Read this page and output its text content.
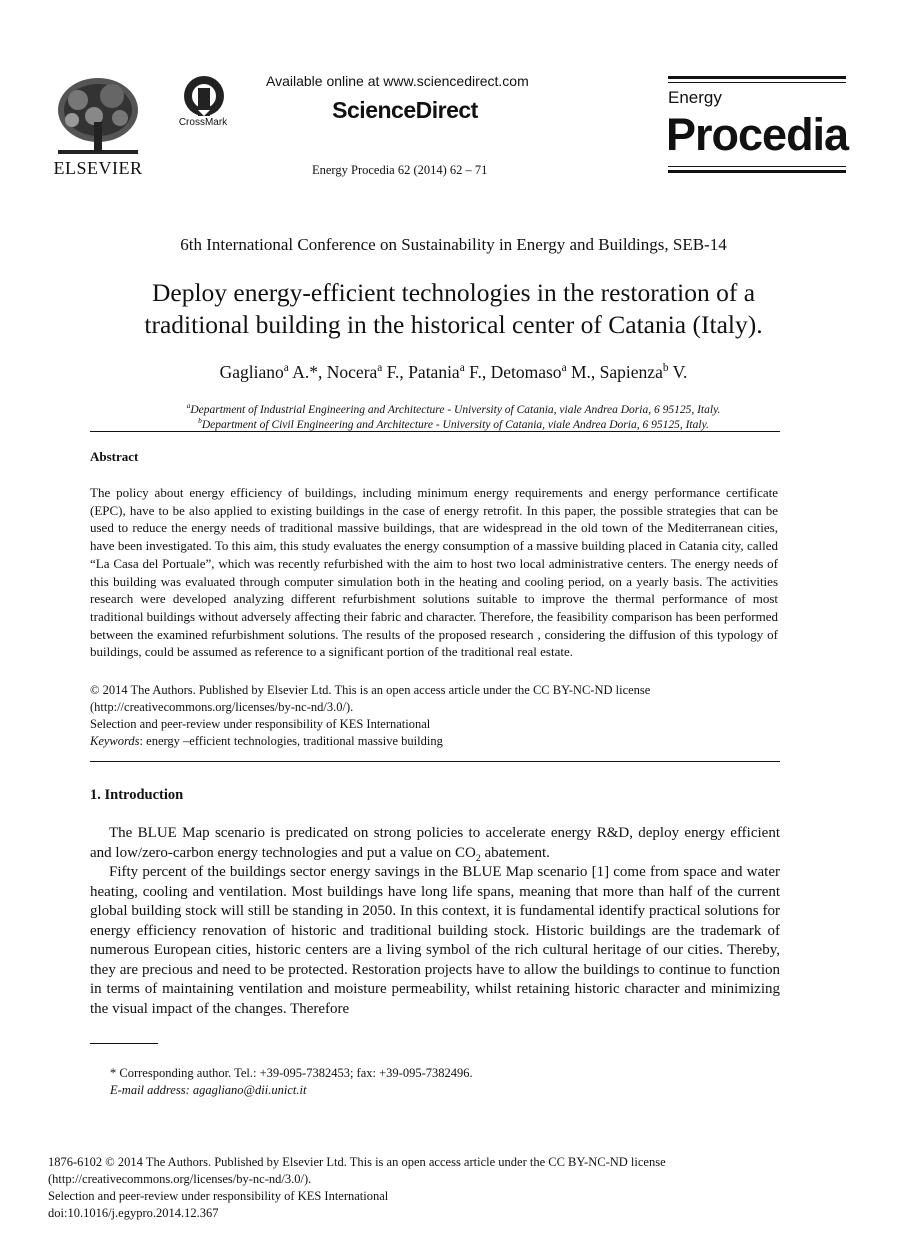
ELSEVIER
CrossMark
Available online at www.sciencedirect.com
ScienceDirect
Energy Procedia 62 (2014) 62 – 71
Energy
Procedia
6th International Conference on Sustainability in Energy and Buildings, SEB-14
Deploy energy-efficient technologies in the restoration of a
traditional building in the historical center of Catania (Italy).
Gagliano$^a$ A.*, Nocera$^a$ F., Patania$^a$ F., Detomaso$^a$ M., Sapienza$^b$ V.
$^a$Department of Industrial Engineering and Architecture - University of Catania, viale Andrea Doria, 6 95125, Italy.
$^b$Department of Civil Engineering and Architecture - University of Catania, viale Andrea Doria, 6 95125, Italy.
Abstract
The policy about energy efficiency of buildings, including minimum energy requirements and energy performance certificate (EPC), have to be also applied to existing buildings in the case of energy retrofit. In this paper, the possible strategies that can be used to reduce the energy needs of traditional massive buildings, that are widespread in the old town of the Mediterranean cities, have been investigated. To this aim, this study evaluates the energy consumption of a massive building placed in Catania city, called “La Casa del Portuale”, which was recently refurbished with the aim to host two local administrative centers. The energy needs of this building was evaluated through computer simulation both in the heating and cooling period, on a yearly basis. The activities research were developed analyzing different refurbishment solutions suitable to improve the thermal performance of most traditional buildings without adversely affecting their fabric and character. Therefore, the feasibility comparison has been performed between the examined refurbishment solutions. The results of the proposed research , considering the diffusion of this typology of buildings, could be assumed as reference to a significant portion of the traditional real estate.
© 2014 The Authors. Published by Elsevier Ltd. This is an open access article under the CC BY-NC-ND license
(http://creativecommons.org/licenses/by-nc-nd/3.0/).
Selection and peer-review under responsibility of KES International
Keywords: energy –efficient technologies, traditional massive building
1. Introduction
The BLUE Map scenario is predicated on strong policies to accelerate energy R&D, deploy energy efficient and low/zero-carbon energy technologies and put a value on $CO_2$ abatement.
Fifty percent of the buildings sector energy savings in the BLUE Map scenario [1] come from space and water heating, cooling and ventilation. Most buildings have long life spans, meaning that more than half of the current global building stock will still be standing in 2050. In this context, it is fundamental identify practical solutions for energy efficiency renovation of historic and traditional building stock. Historic buildings are the trademark of numerous European cities, historic centers are a living symbol of the rich cultural heritage of our cities. Thereby, they are precious and need to be protected. Restoration projects have to allow the buildings to continue to function in terms of maintaining ventilation and moisture permeability, whilst retaining historic character and minimizing the visual impact of the changes. Therefore
* Corresponding author. Tel.: +39-095-7382453; fax: +39-095-7382496.
E-mail address: agagliano@dii.unict.it
1876-6102 © 2014 The Authors. Published by Elsevier Ltd. This is an open access article under the CC BY-NC-ND license
(http://creativecommons.org/licenses/by-nc-nd/3.0/).
Selection and peer-review under responsibility of KES International
doi:10.1016/j.egypro.2014.12.367
